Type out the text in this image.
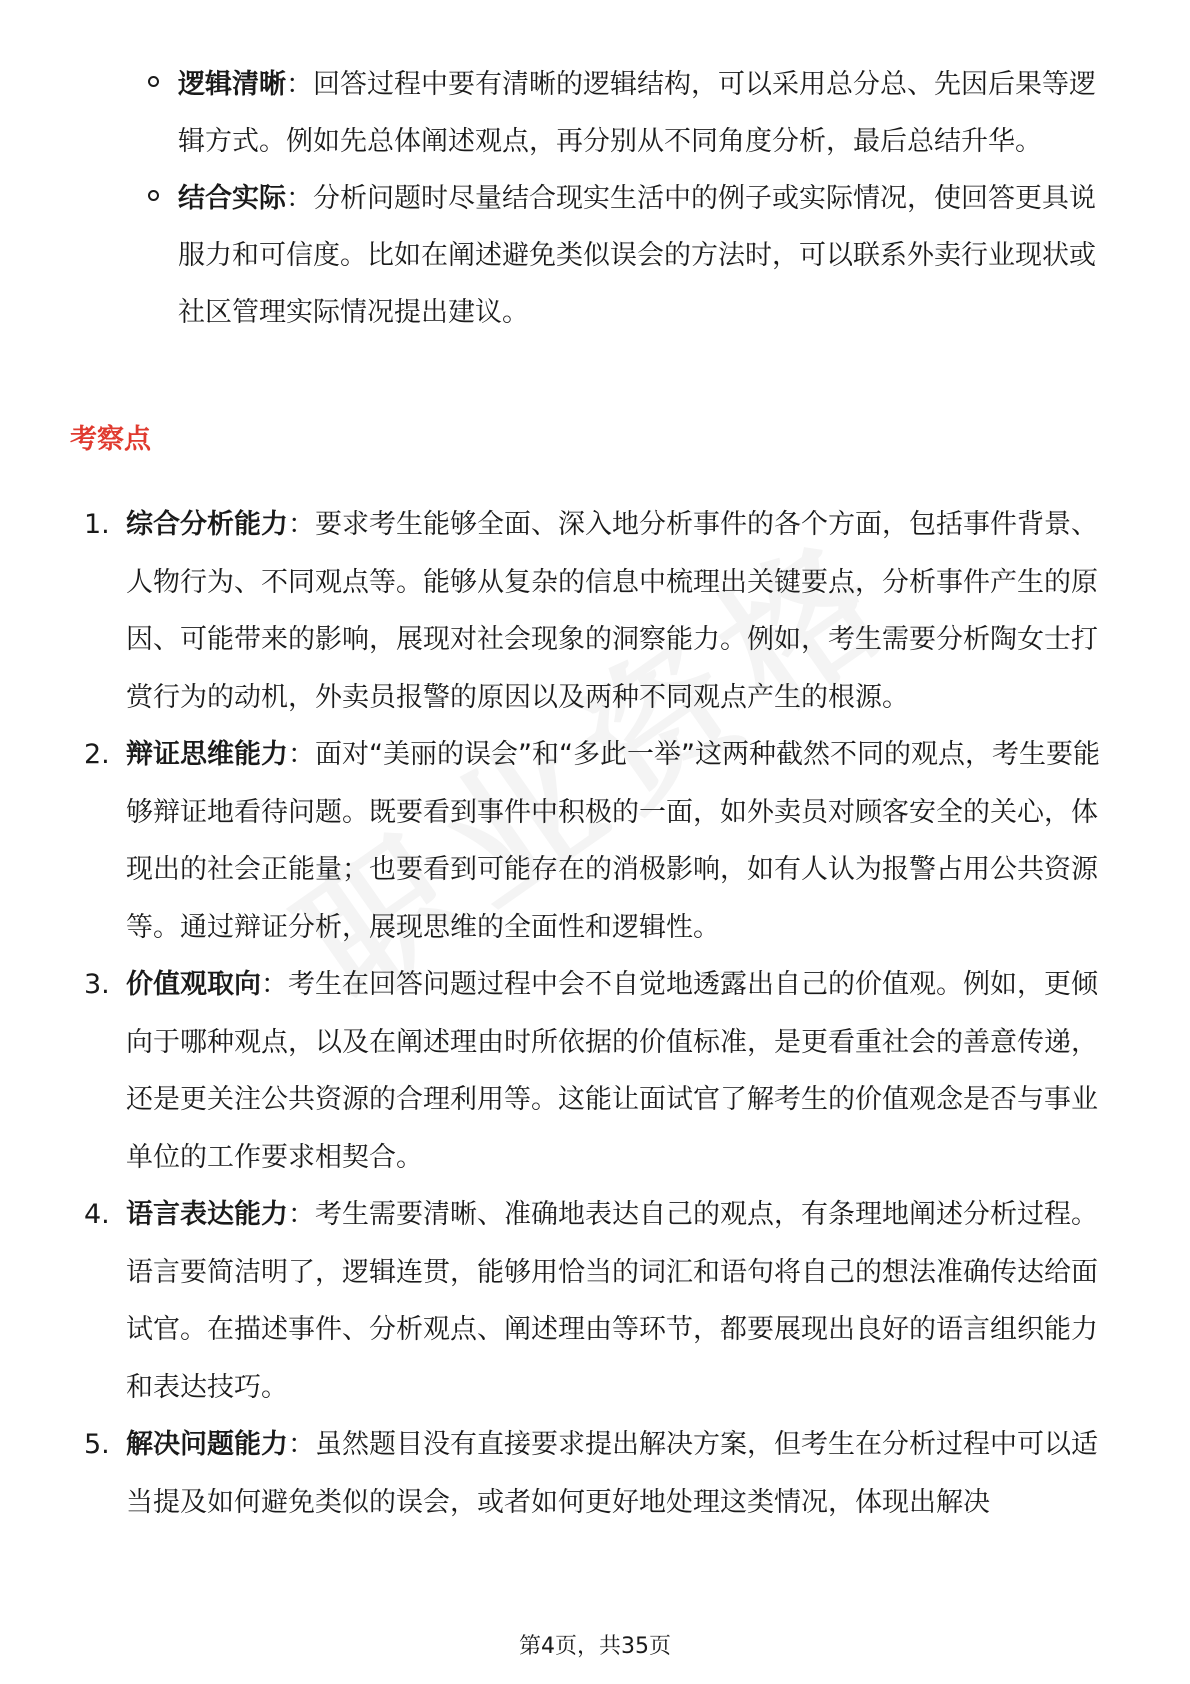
逻辑清晰：回答过程中要有清晰的逻辑结构，可以采用总分总、先因后果等逻辑方式。例如先总体阐述观点，再分别从不同角度分析，最后总结升华。
结合实际：分析问题时尽量结合现实生活中的例子或实际情况，使回答更具说服力和可信度。比如在阐述避免类似误会的方法时，可以联系外卖行业现状或社区管理实际情况提出建议。
考察点
1. 综合分析能力：要求考生能够全面、深入地分析事件的各个方面，包括事件背景、人物行为、不同观点等。能够从复杂的信息中梳理出关键要点，分析事件产生的原因、可能带来的影响，展现对社会现象的洞察能力。例如，考生需要分析陶女士打赏行为的动机，外卖员报警的原因以及两种不同观点产生的根源。
2. 辩证思维能力：面对“美丽的误会”和“多此一举”这两种截然不同的观点，考生要能够辩证地看待问题。既要看到事件中积极的一面，如外卖员对顾客安全的关心，体现出的社会正能量；也要看到可能存在的消极影响，如有人认为报警占用公共资源等。通过辩证分析，展现思维的全面性和逻辑性。
3. 价值观取向：考生在回答问题过程中会不自觉地透露出自己的价值观。例如，更倾向于哪种观点，以及在阐述理由时所依据的价值标准，是更看重社会的善意传递，还是更关注公共资源的合理利用等。这能让面试官了解考生的价值观念是否与事业单位的工作要求相契合。
4. 语言表达能力：考生需要清晰、准确地表达自己的观点，有条理地阐述分析过程。语言要简洁明了，逻辑连贯，能够用恰当的词汇和语句将自己的想法准确传达给面试官。在描述事件、分析观点、阐述理由等环节，都要展现出良好的语言组织能力和表达技巧。
5. 解决问题能力：虽然题目没有直接要求提出解决方案，但考生在分析过程中可以适当提及如何避免类似的误会，或者如何更好地处理这类情况，体现出解决
第4页，共35页
